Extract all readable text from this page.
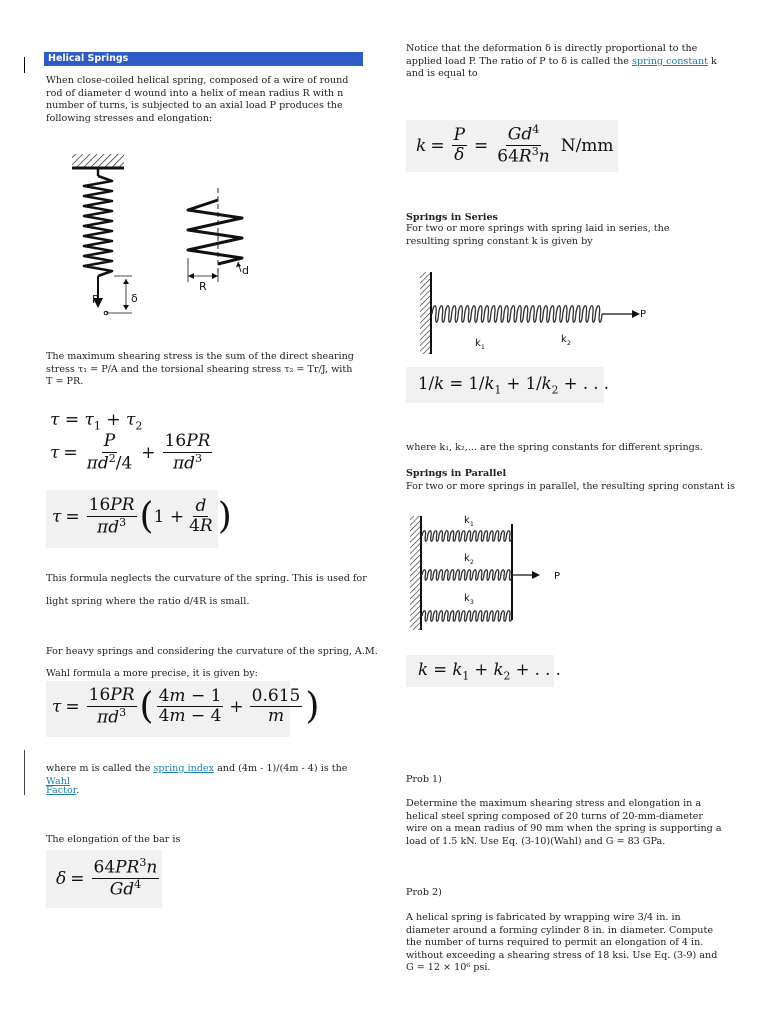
Helical Springs
When close-coiled helical spring, composed of a wire of round rod of diameter d wound into a helix of mean radius R with n number of turns, is subjected to an axial load P produces the following stresses and elongation:
P	δ
R
d
The maximum shearing stress is the sum of the direct shearing stress τ₁ = P/A and the torsional shearing stress τ₂ = Tr/J, with T = PR.
$\tau = \tau_1 + \tau_2$
$\tau = \frac{P}{\pi d^2/4} + \frac{16PR}{\pi d^3}$
$\tau = \frac{16PR}{\pi d^3}$ ( $1 + \frac{d}{4R}$ )
This formula neglects the curvature of the spring. This is used for
light spring where the ratio d/4R is small.
For heavy springs and considering the curvature of the spring, A.M.
Wahl formula a more precise, it is given by:
$\tau = \frac{16PR}{\pi d^3}$ ( $\frac{4m - 1}{4m - 4} + \frac{0.615}{m}$ )
where m is called the spring index and (4m - 1)/(4m - 4) is the Wahl
Factor.
The elongation of the bar is
$\delta = \frac{64PR^3n}{Gd^4}$
Notice that the deformation δ is directly proportional to the applied load P. The ratio of P to δ is called the spring constant k and is equal to
$k = \frac{P}{\delta} = \frac{Gd^4}{64R^3n} N/mm$
Springs in Series
For two or more springs with spring laid in series, the resulting spring constant k is given by
P
k 1
k 2
$1/k = 1/k_1 + 1/k_2$ + . . .
where k₁, k₂,... are the spring constants for different springs.
Springs in Parallel
For two or more springs in parallel, the resulting spring constant is
P
k 1
k 2
k 3
$k = k_1 + k_2$ + . . .
Prob 1)
Determine the maximum shearing stress and elongation in a helical steel spring composed of 20 turns of 20-mm-diameter wire on a mean radius of 90 mm when the spring is supporting a load of 1.5 kN. Use Eq. (3-10)(Wahl) and G = 83 GPa.
Prob 2)
A helical spring is fabricated by wrapping wire 3/4 in. in diameter around a forming cylinder 8 in. in diameter. Compute the number of turns required to permit an elongation of 4 in. without exceeding a shearing stress of 18 ksi. Use Eq. (3-9) and G = 12 × 10⁶ psi.
